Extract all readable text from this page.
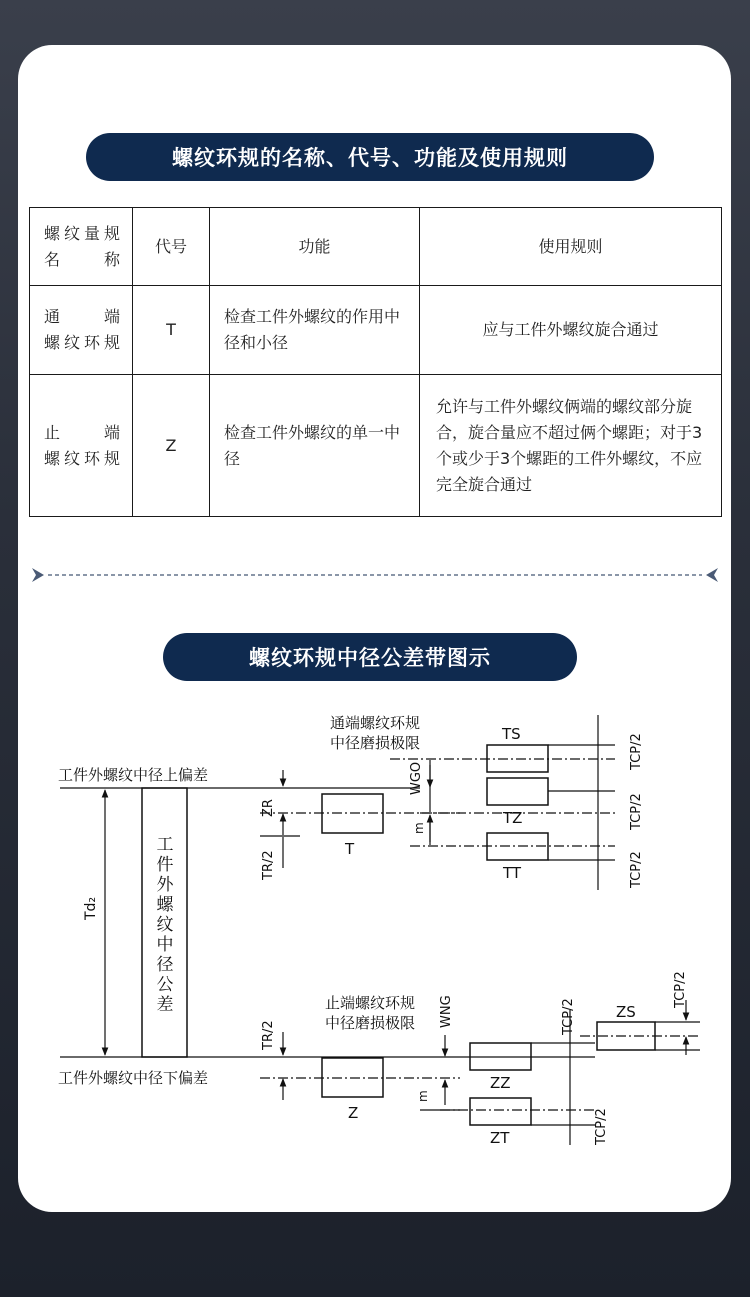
螺纹环规的名称、代号、功能及使用规则
螺纹量规名　称	代号	功能	使用规则

通　端
螺纹环规	T	检查工件外螺纹的作用中径和小径	应与工件外螺纹旋合通过

止　端
螺纹环规	Z	检查工件外螺纹的单一中径	允许与工件外螺纹俩端的螺纹部分旋合，旋合量应不超过俩个螺距；对于3个或少于3个螺距的工件外螺纹，不应完全旋合通过
螺纹环规中径公差带图示
工件外螺纹中径上偏差
工件外螺纹中径下偏差
Td₂
通端螺纹环规
中径磨损极限
止端螺纹环规
中径磨损极限
T
TS
TZ
TT
Z
ZS
ZZ
ZT
ZR
TR/2
TR/2
WGO
WNG
m
m
TCP/2
TCP/2
TCP/2
TCP/2
TCP/2
TCP/2
工
件
外
螺
纹
中
径
公
差
